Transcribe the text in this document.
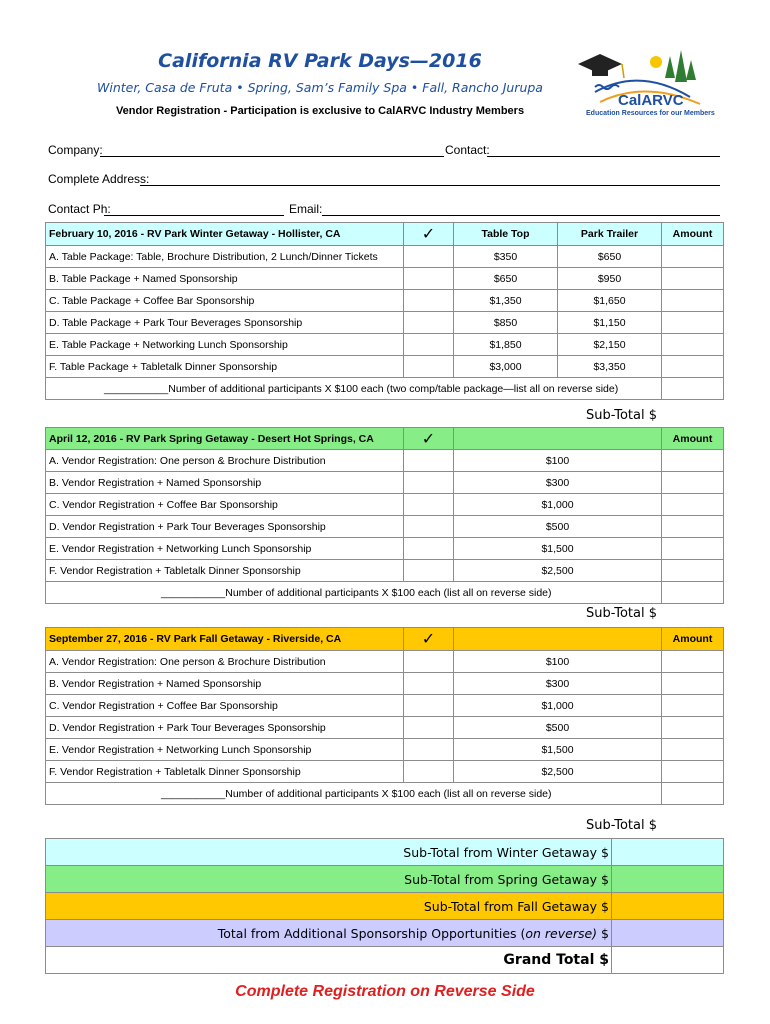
California RV Park Days—2016
Winter, Casa de Fruta • Spring, Sam’s Family Spa • Fall, Rancho Jurupa
Vendor Registration - Participation is exclusive to CalARVC Industry Members
CalARVC
Education Resources for our Members
Company:	Contact:
Complete Address:
Contact Ph:	Email:
February 10, 2016 - RV Park Winter Getaway - Hollister, CA	✓	Table Top	Park Trailer	Amount
A. Table Package: Table, Brochure Distribution, 2 Lunch/Dinner Tickets		$350	$650	
B. Table Package + Named Sponsorship		$650	$950	
C. Table Package + Coffee Bar Sponsorship		$1,350	$1,650	
D. Table Package + Park Tour Beverages Sponsorship		$850	$1,150	
E. Table Package + Networking Lunch Sponsorship		$1,850	$2,150	
F. Table Package + Tabletalk Dinner Sponsorship		$3,000	$3,350	
___________Number of additional participants X $100 each (two comp/table package—list all on reverse side)				
Sub-Total $
April 12, 2016 - RV Park Spring Getaway - Desert Hot Springs, CA	✓		Amount
A. Vendor Registration: One person & Brochure Distribution		$100	
B. Vendor Registration + Named Sponsorship		$300	
C. Vendor Registration + Coffee Bar Sponsorship		$1,000	
D. Vendor Registration + Park Tour Beverages Sponsorship		$500	
E. Vendor Registration + Networking Lunch Sponsorship		$1,500	
F. Vendor Registration + Tabletalk Dinner Sponsorship		$2,500	
___________Number of additional participants X $100 each (list all on reverse side)			
Sub-Total $
September 27, 2016 - RV Park Fall Getaway - Riverside, CA	✓		Amount
A. Vendor Registration: One person & Brochure Distribution		$100	
B. Vendor Registration + Named Sponsorship		$300	
C. Vendor Registration + Coffee Bar Sponsorship		$1,000	
D. Vendor Registration + Park Tour Beverages Sponsorship		$500	
E. Vendor Registration + Networking Lunch Sponsorship		$1,500	
F. Vendor Registration + Tabletalk Dinner Sponsorship		$2,500	
___________Number of additional participants X $100 each (list all on reverse side)			
Sub-Total $
Sub-Total from Winter Getaway $	
Sub-Total from Spring Getaway $	
Sub-Total from Fall Getaway $	
Total from Additional Sponsorship Opportunities (on reverse) $	
Grand Total $	
Complete Registration on Reverse Side
